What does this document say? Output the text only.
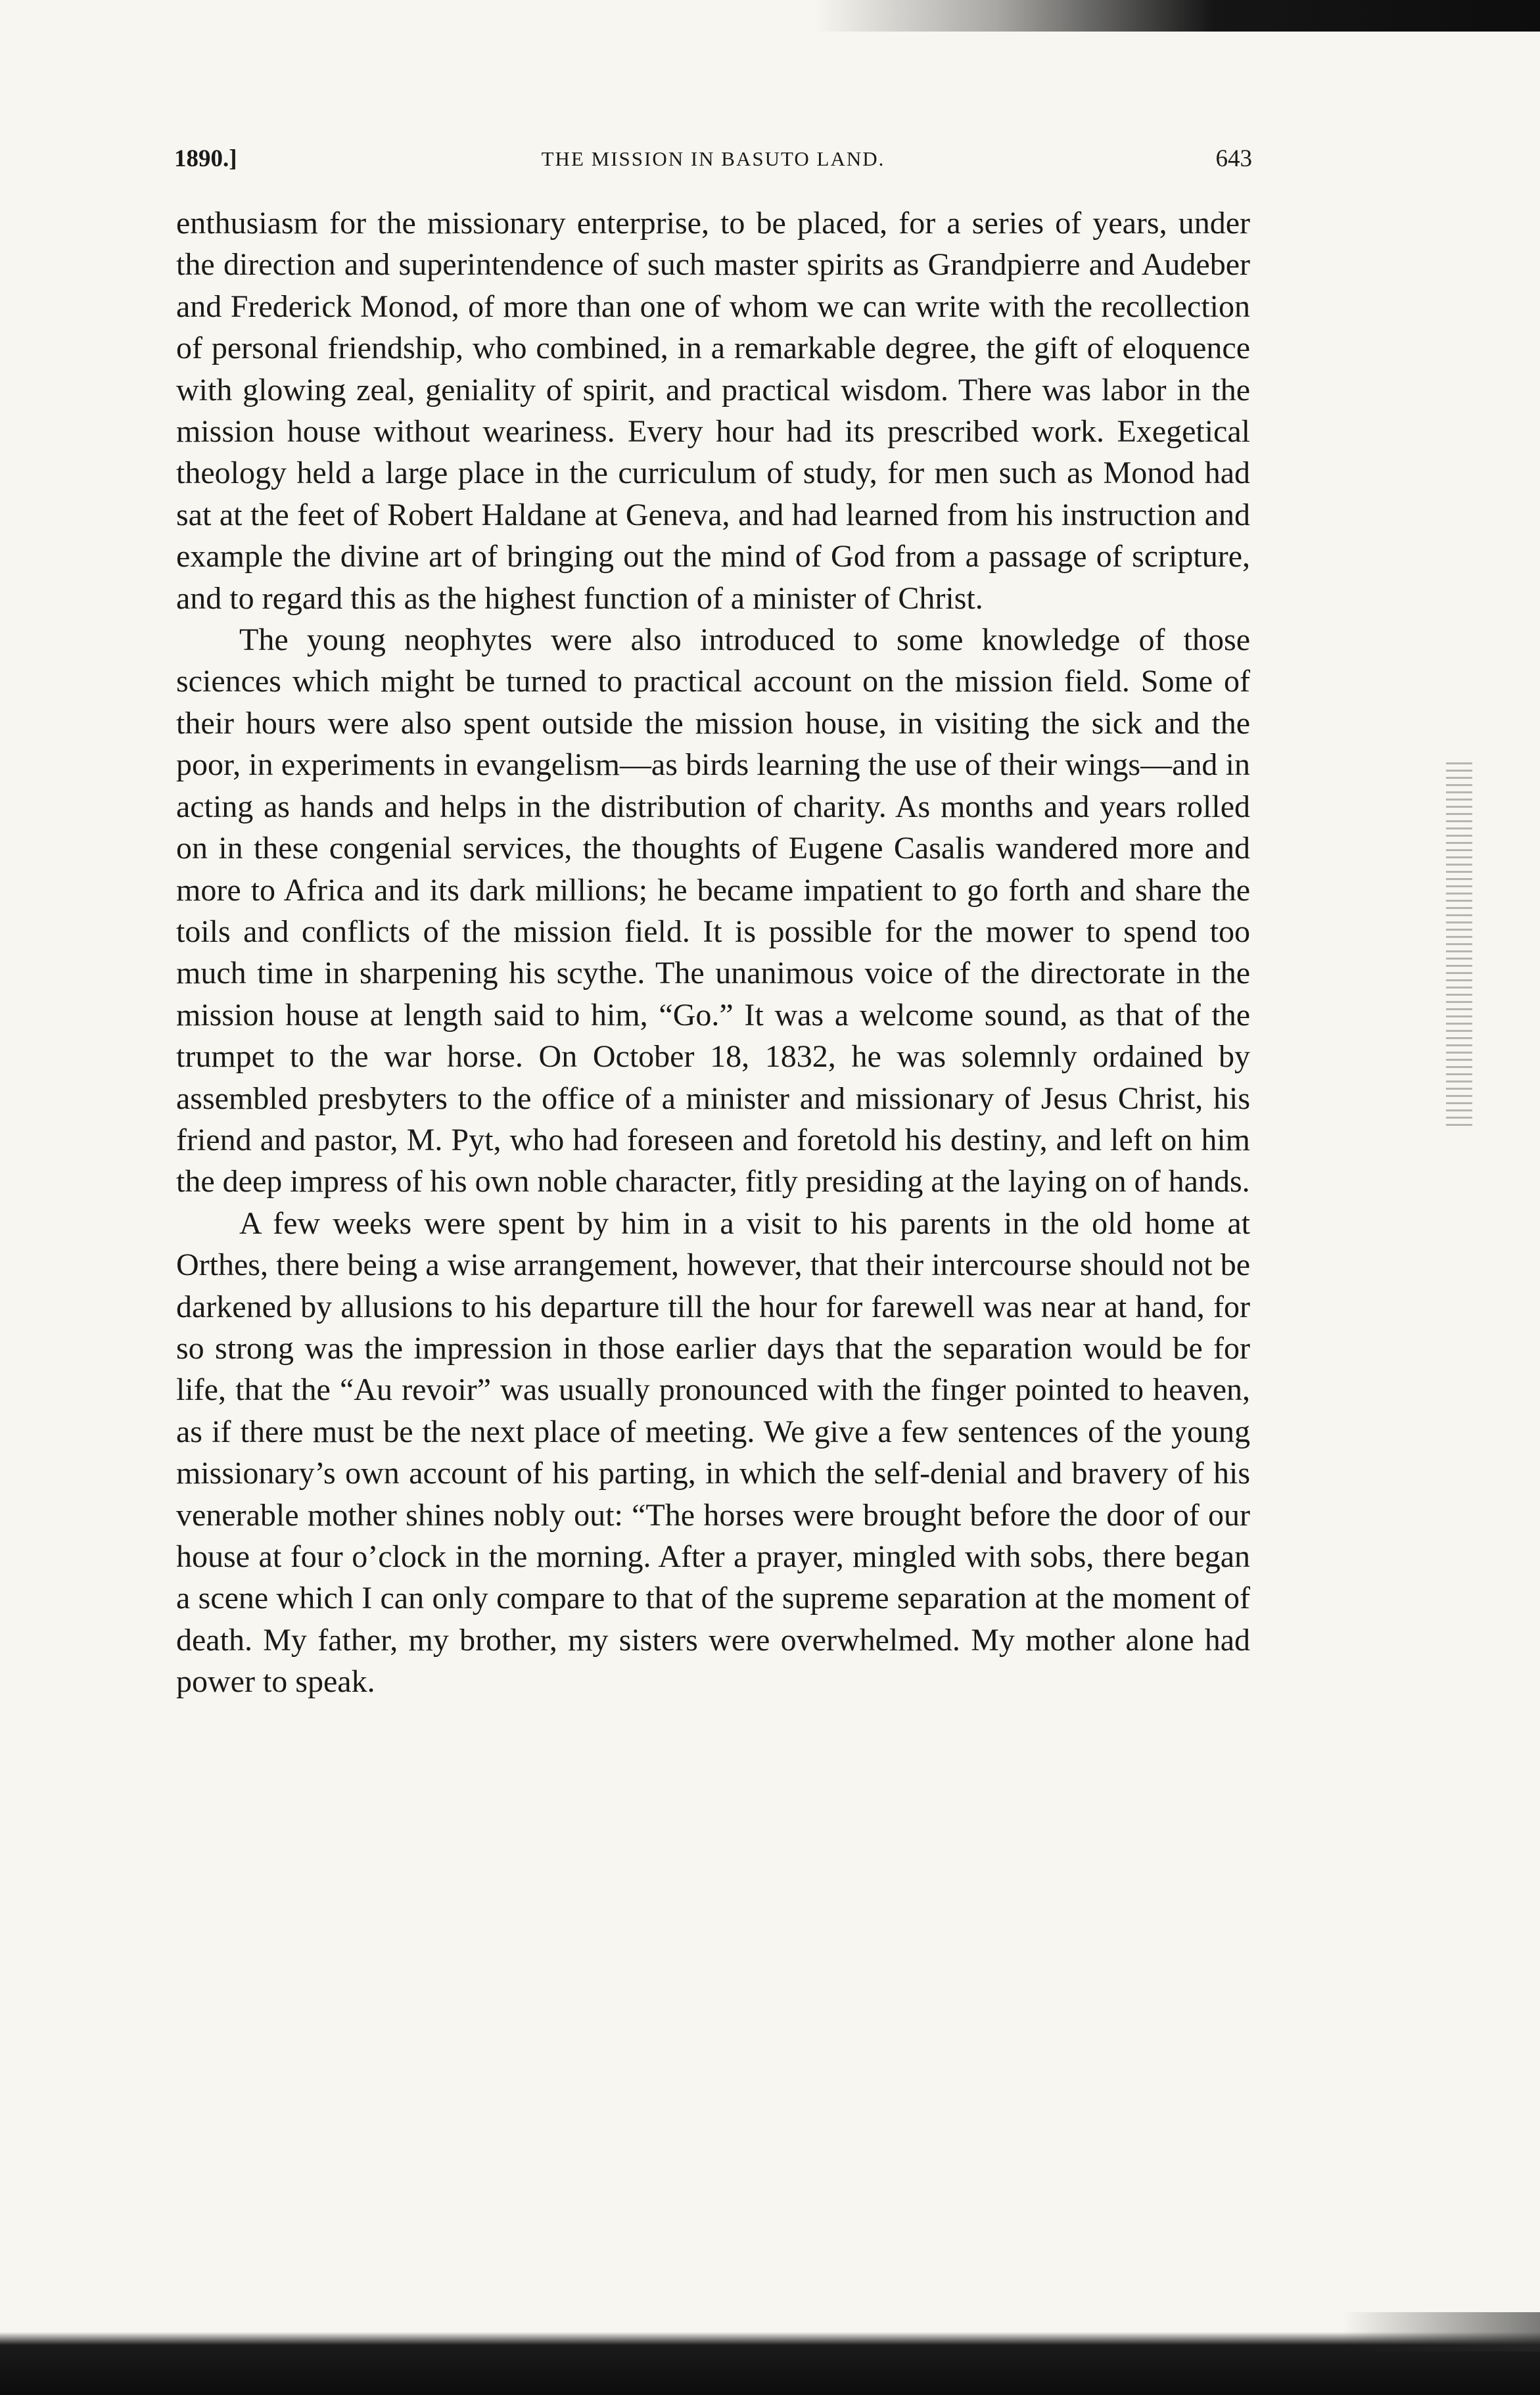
1890.]	THE MISSION IN BASUTO LAND.	643

enthusiasm for the missionary enterprise, to be placed, for a series of years, under the direction and superintendence of such master spirits as Grandpierre and Audeber and Frederick Monod, of more than one of whom we can write with the recollection of personal friendship, who combined, in a remarkable degree, the gift of eloquence with glowing zeal, geniality of spirit, and practical wisdom. There was labor in the mission house without weariness. Every hour had its prescribed work. Exegetical theology held a large place in the curriculum of study, for men such as Monod had sat at the feet of Robert Haldane at Geneva, and had learned from his instruction and example the divine art of bringing out the mind of God from a passage of scripture, and to regard this as the highest function of a minister of Christ.

The young neophytes were also introduced to some knowledge of those sciences which might be turned to practical account on the mission field. Some of their hours were also spent outside the mission house, in visiting the sick and the poor, in experiments in evangelism—as birds learning the use of their wings—and in acting as hands and helps in the distribution of charity. As months and years rolled on in these congenial services, the thoughts of Eugene Casalis wandered more and more to Africa and its dark millions; he became impatient to go forth and share the toils and conflicts of the mission field. It is possible for the mower to spend too much time in sharpening his scythe. The unanimous voice of the directorate in the mission house at length said to him, “Go.” It was a welcome sound, as that of the trumpet to the war horse. On October 18, 1832, he was solemnly ordained by assembled presbyters to the office of a minister and missionary of Jesus Christ, his friend and pastor, M. Pyt, who had foreseen and foretold his destiny, and left on him the deep impress of his own noble character, fitly presiding at the laying on of hands.

A few weeks were spent by him in a visit to his parents in the old home at Orthes, there being a wise arrangement, however, that their intercourse should not be darkened by allusions to his departure till the hour for farewell was near at hand, for so strong was the impression in those earlier days that the separation would be for life, that the “Au revoir” was usually pronounced with the finger pointed to heaven, as if there must be the next place of meeting. We give a few sentences of the young missionary’s own account of his parting, in which the self-denial and bravery of his venerable mother shines nobly out: “The horses were brought before the door of our house at four o’clock in the morning. After a prayer, mingled with sobs, there began a scene which I can only compare to that of the supreme separation at the moment of death. My father, my brother, my sisters were overwhelmed. My mother alone had power to speak.
